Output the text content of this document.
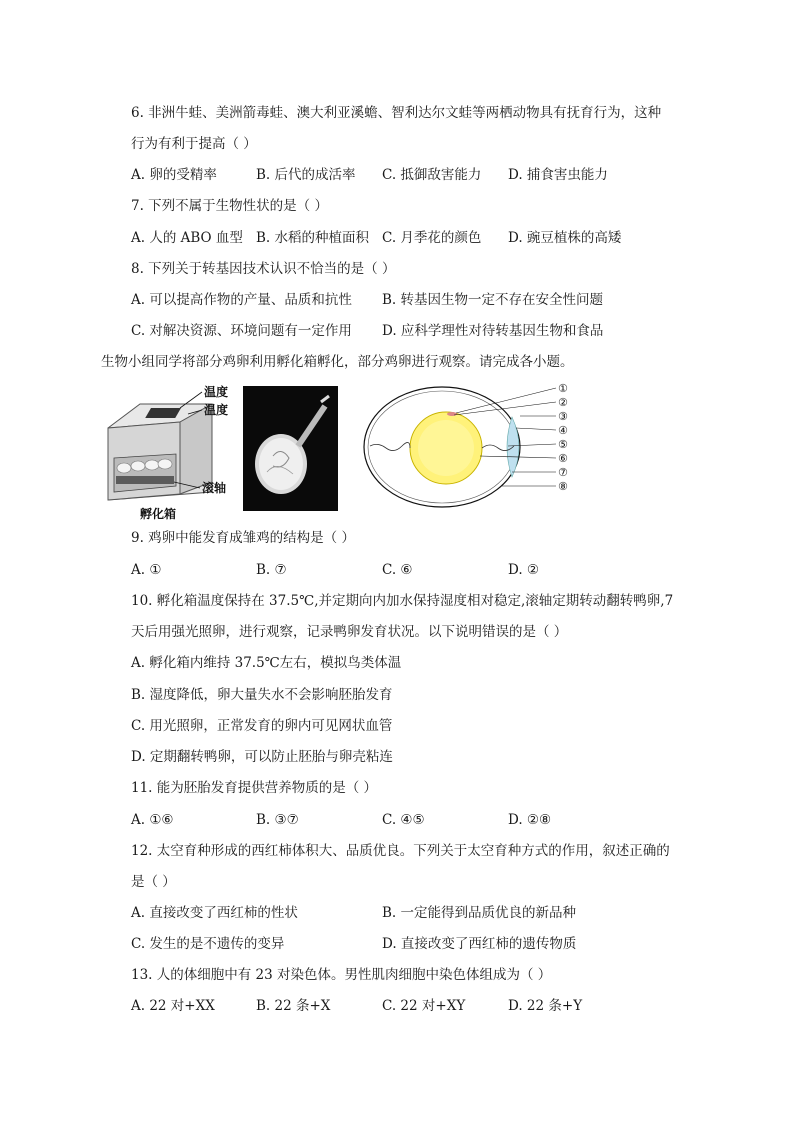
6. 非洲牛蛙、美洲箭毒蛙、澳大利亚溪蟾、智利达尔文蛙等两栖动物具有抚育行为，这种
行为有利于提高（ ）
A. 卵的受精率	B. 后代的成活率 C. 抵御敌害能力 D. 捕食害虫能力
7. 下列不属于生物性状的是（ ）
A. 人的 ABO 血型 B. 水稻的种植面积 C. 月季花的颜色 D. 豌豆植株的高矮
8. 下列关于转基因技术认识不恰当的是（ ）
A. 可以提高作物的产量、品质和抗性 B. 转基因生物一定不存在安全性问题
C. 对解决资源、环境问题有一定作用 D. 应科学理性对待转基因生物和食品
生物小组同学将部分鸡卵利用孵化箱孵化，部分鸡卵进行观察。请完成各小题。
温度
温度
滚轴
孵化箱
①
②
③
④
⑤
⑥
⑦
⑧
9. 鸡卵中能发育成雏鸡的结构是（ ）
A. ①	B. ⑦	C. ⑥	D. ②
10. 孵化箱温度保持在 37.5℃,并定期向内加水保持湿度相对稳定,滚轴定期转动翻转鸭卵,7
天后用强光照卵，进行观察，记录鸭卵发育状况。以下说明错误的是（ ）
A. 孵化箱内维持 37.5℃左右，模拟鸟类体温
B. 湿度降低，卵大量失水不会影响胚胎发育
C. 用光照卵，正常发育的卵内可见网状血管
D. 定期翻转鸭卵，可以防止胚胎与卵壳粘连
11. 能为胚胎发育提供营养物质的是（ ）
A. ①⑥	B. ③⑦	C. ④⑤	D. ②⑧
12. 太空育种形成的西红柿体积大、品质优良。下列关于太空育种方式的作用，叙述正确的
是（ ）
A. 直接改变了西红柿的性状	B. 一定能得到品质优良的新品种
C. 发生的是不遗传的变异	D. 直接改变了西红柿的遗传物质
13. 人的体细胞中有 23 对染色体。男性肌肉细胞中染色体组成为（ ）
A. 22 对+XX	B. 22 条+X	C. 22 对+XY	D. 22 条+Y
